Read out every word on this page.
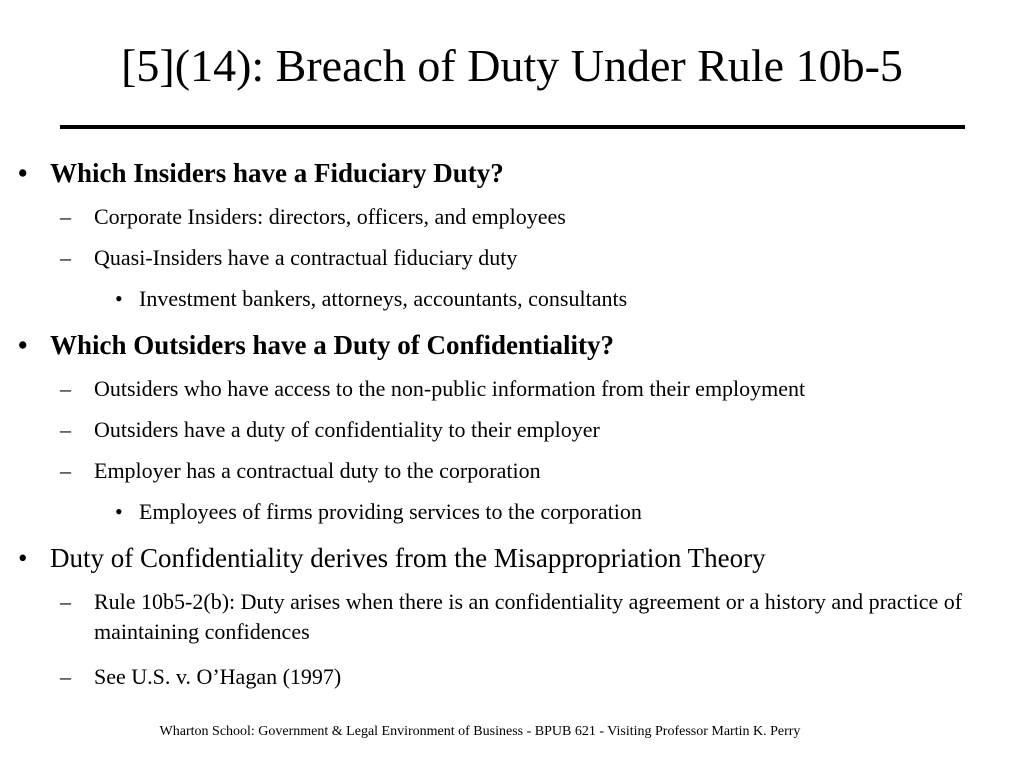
[5](14): Breach of Duty Under Rule 10b-5
• Which Insiders have a Fiduciary Duty?
– Corporate Insiders: directors, officers, and employees
– Quasi-Insiders have a contractual fiduciary duty
• Investment bankers, attorneys, accountants, consultants
• Which Outsiders have a Duty of Confidentiality?
– Outsiders who have access to the non-public information from their employment
– Outsiders have a duty of confidentiality to their employer
– Employer has a contractual duty to the corporation
• Employees of firms providing services to the corporation
• Duty of Confidentiality derives from the Misappropriation Theory
– Rule 10b5-2(b): Duty arises when there is an confidentiality agreement or a history and practice of maintaining confidences
– See U.S. v. O’Hagan (1997)
Wharton School: Government & Legal Environment of Business - BPUB 621 - Visiting Professor Martin K. Perry
